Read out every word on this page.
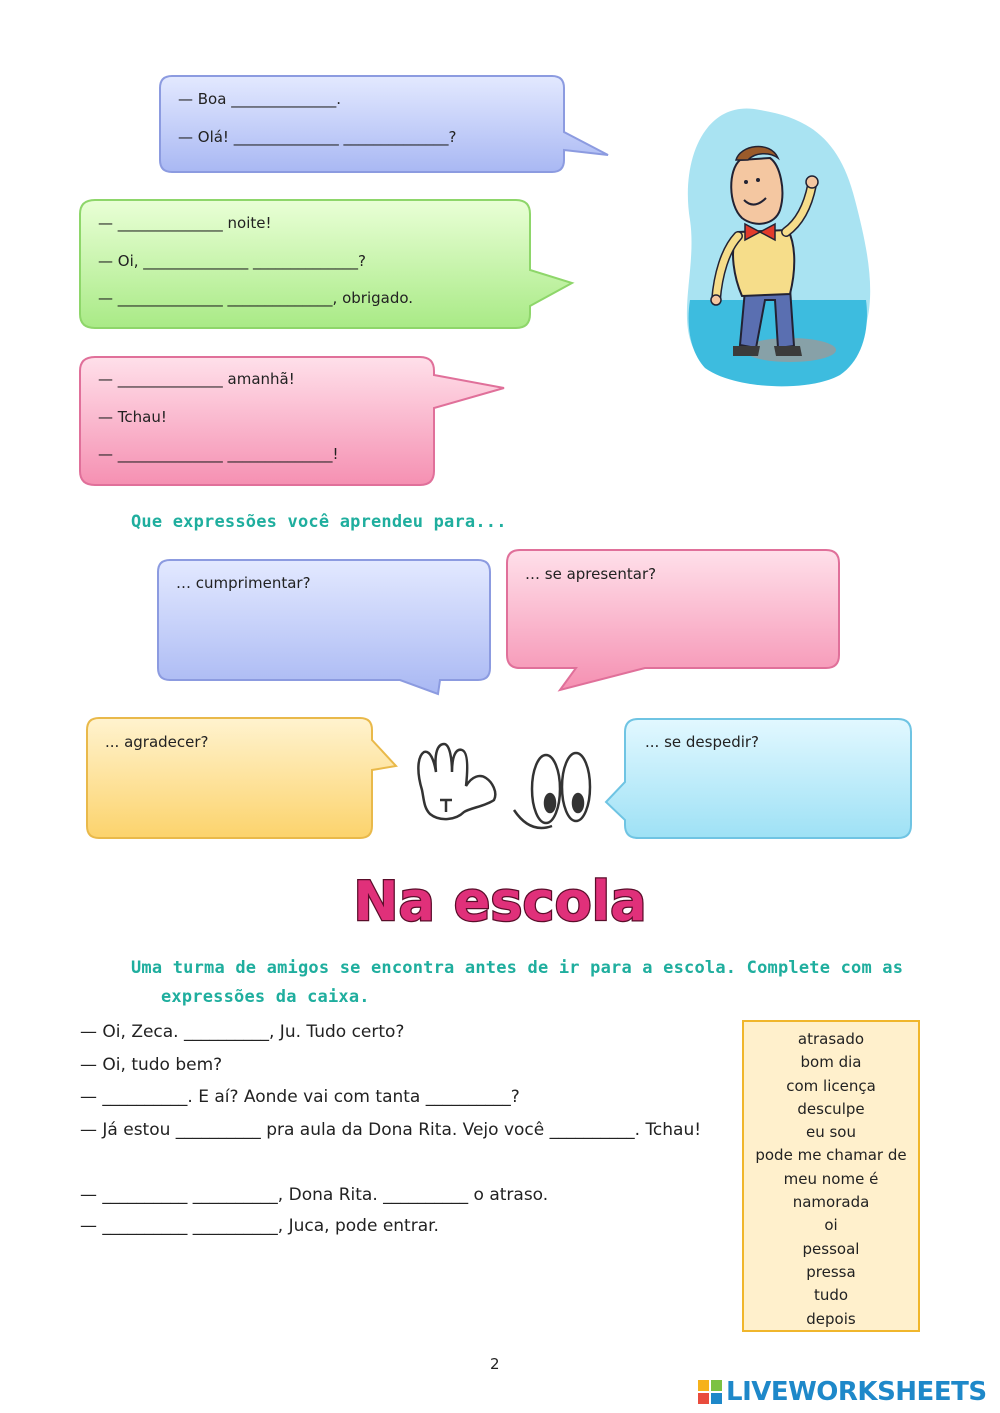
— Boa ______________.

— Olá! ______________ ______________?

— ______________ noite!

— Oi, ______________ ______________?

— ______________ ______________, obrigado.

— ______________ amanhã!

— Tchau!

— ______________ ______________!

Que expressões você aprendeu para...
… cumprimentar?	… se apresentar?
... agradecer?	... se despedir?
Na escola
Uma turma de amigos se encontra antes de ir para a escola. Complete com as
expressões da caixa.
— Oi, Zeca. __________, Ju. Tudo certo?
— Oi, tudo bem?
— __________. E aí? Aonde vai com tanta __________?
— Já estou __________ pra aula da Dona Rita. Vejo você __________. Tchau!
— __________ __________, Dona Rita. __________ o atraso.
— __________ __________, Juca, pode entrar.
atrasado
bom dia
com licença
desculpe
eu sou
pode me chamar de
meu nome é
namorada
oi
pessoal
pressa
tudo
depois
2
LIVEWORKSHEETS
